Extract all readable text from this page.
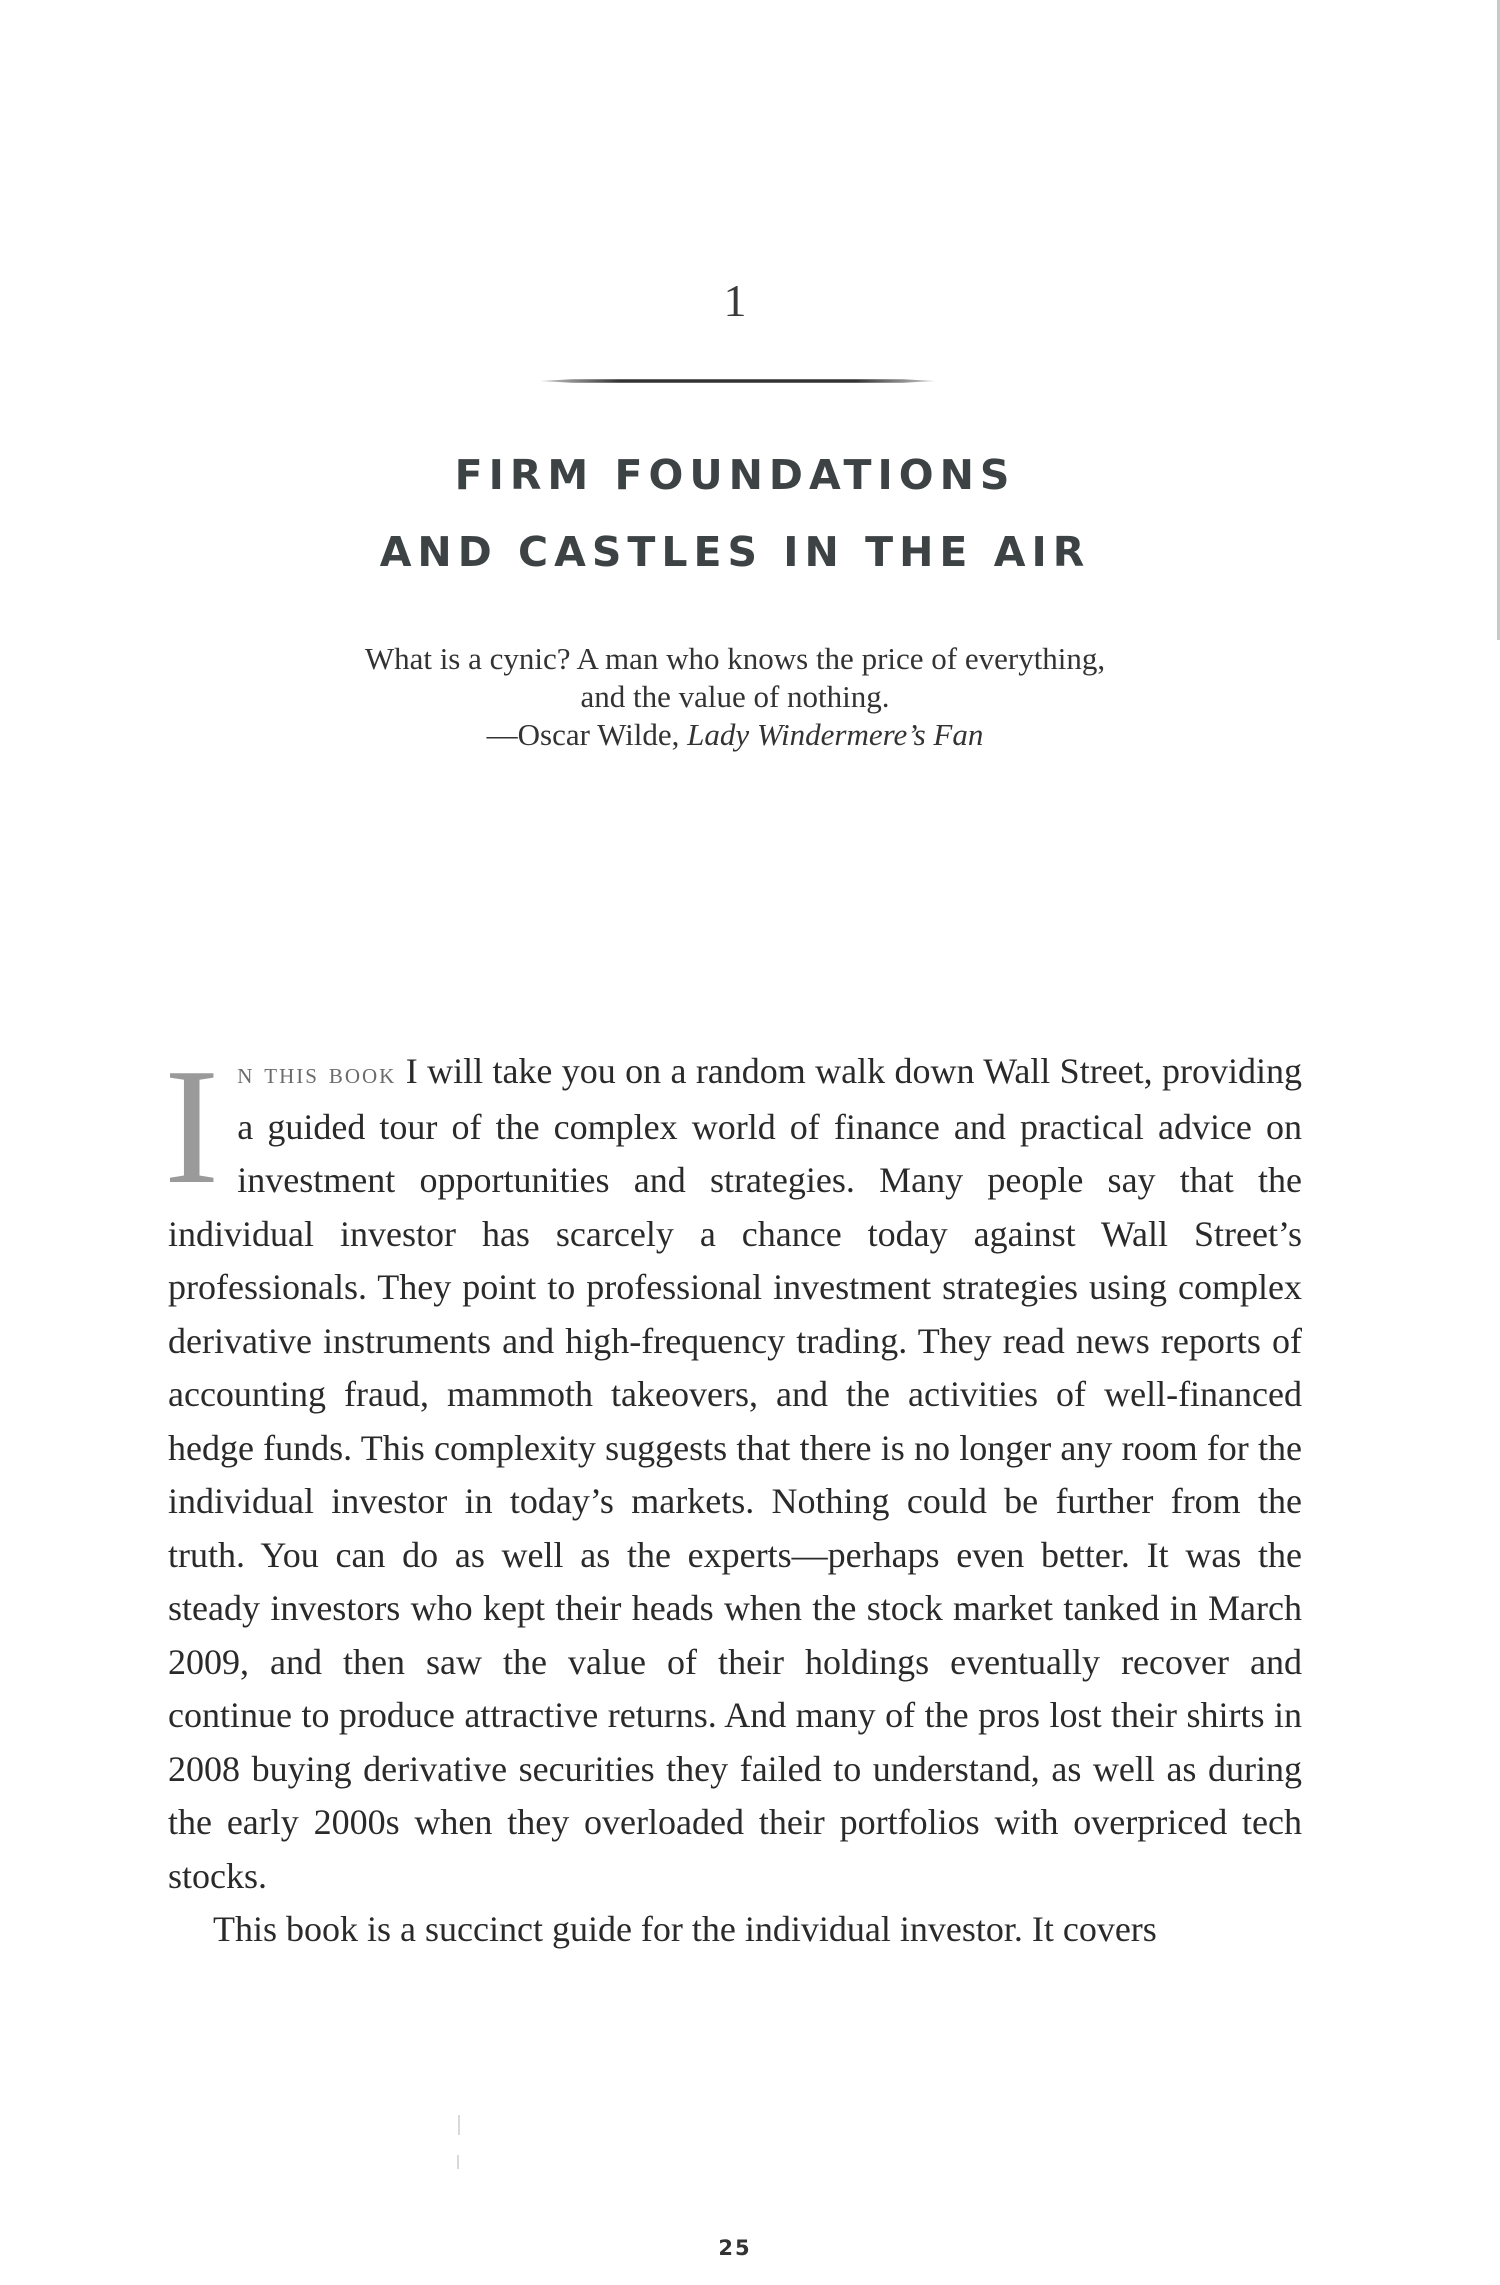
1
FIRM FOUNDATIONS
AND CASTLES IN THE AIR
What is a cynic? A man who knows the price of everything,
and the value of nothing.

—Oscar Wilde, Lady Windermere’s Fan

In this book I will take you on a random walk down Wall Street, providing a guided tour of the complex world of finance and practical advice on investment opportunities and strategies. Many people say that the individual investor has scarcely a chance today against Wall Street’s professionals. They point to professional investment strategies using complex derivative instruments and high-frequency trading. They read news reports of accounting fraud, mammoth takeovers, and the activities of well-financed hedge funds. This complexity suggests that there is no longer any room for the individual investor in today’s markets. Nothing could be further from the truth. You can do as well as the experts—perhaps even better. It was the steady investors who kept their heads when the stock market tanked in March 2009, and then saw the value of their holdings eventually recover and continue to produce attractive returns. And many of the pros lost their shirts in 2008 buying derivative securities they failed to understand, as well as during the early 2000s when they overloaded their portfolios with overpriced tech stocks.

This book is a succinct guide for the individual investor. It covers

25
